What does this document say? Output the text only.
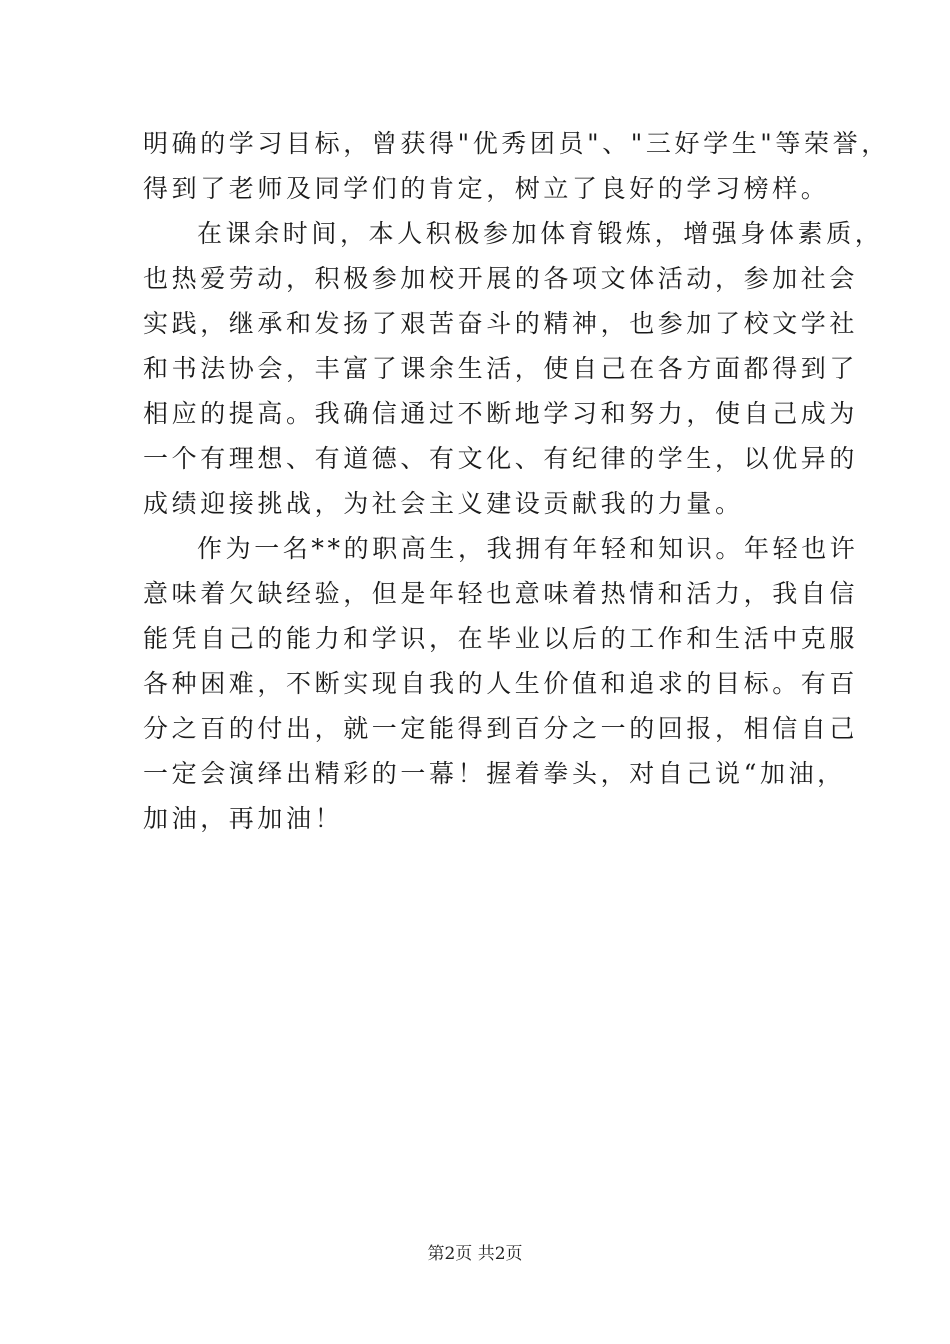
明确的学习目标，曾获得"优秀团员"、"三好学生"等荣誉，
得到了老师及同学们的肯定，树立了良好的学习榜样。
在课余时间，本人积极参加体育锻炼，增强身体素质，
也热爱劳动，积极参加校开展的各项文体活动，参加社会
实践，继承和发扬了艰苦奋斗的精神，也参加了校文学社
和书法协会，丰富了课余生活，使自己在各方面都得到了
相应的提高。我确信通过不断地学习和努力，使自己成为
一个有理想、有道德、有文化、有纪律的学生，以优异的
成绩迎接挑战，为社会主义建设贡献我的力量。
作为一名**的职高生，我拥有年轻和知识。年轻也许
意味着欠缺经验，但是年轻也意味着热情和活力，我自信
能凭自己的能力和学识，在毕业以后的工作和生活中克服
各种困难，不断实现自我的人生价值和追求的目标。有百
分之百的付出，就一定能得到百分之一的回报，相信自己
一定会演绎出精彩的一幕！握着拳头，对自己说“加油，
加油，再加油！
第2页 共2页
